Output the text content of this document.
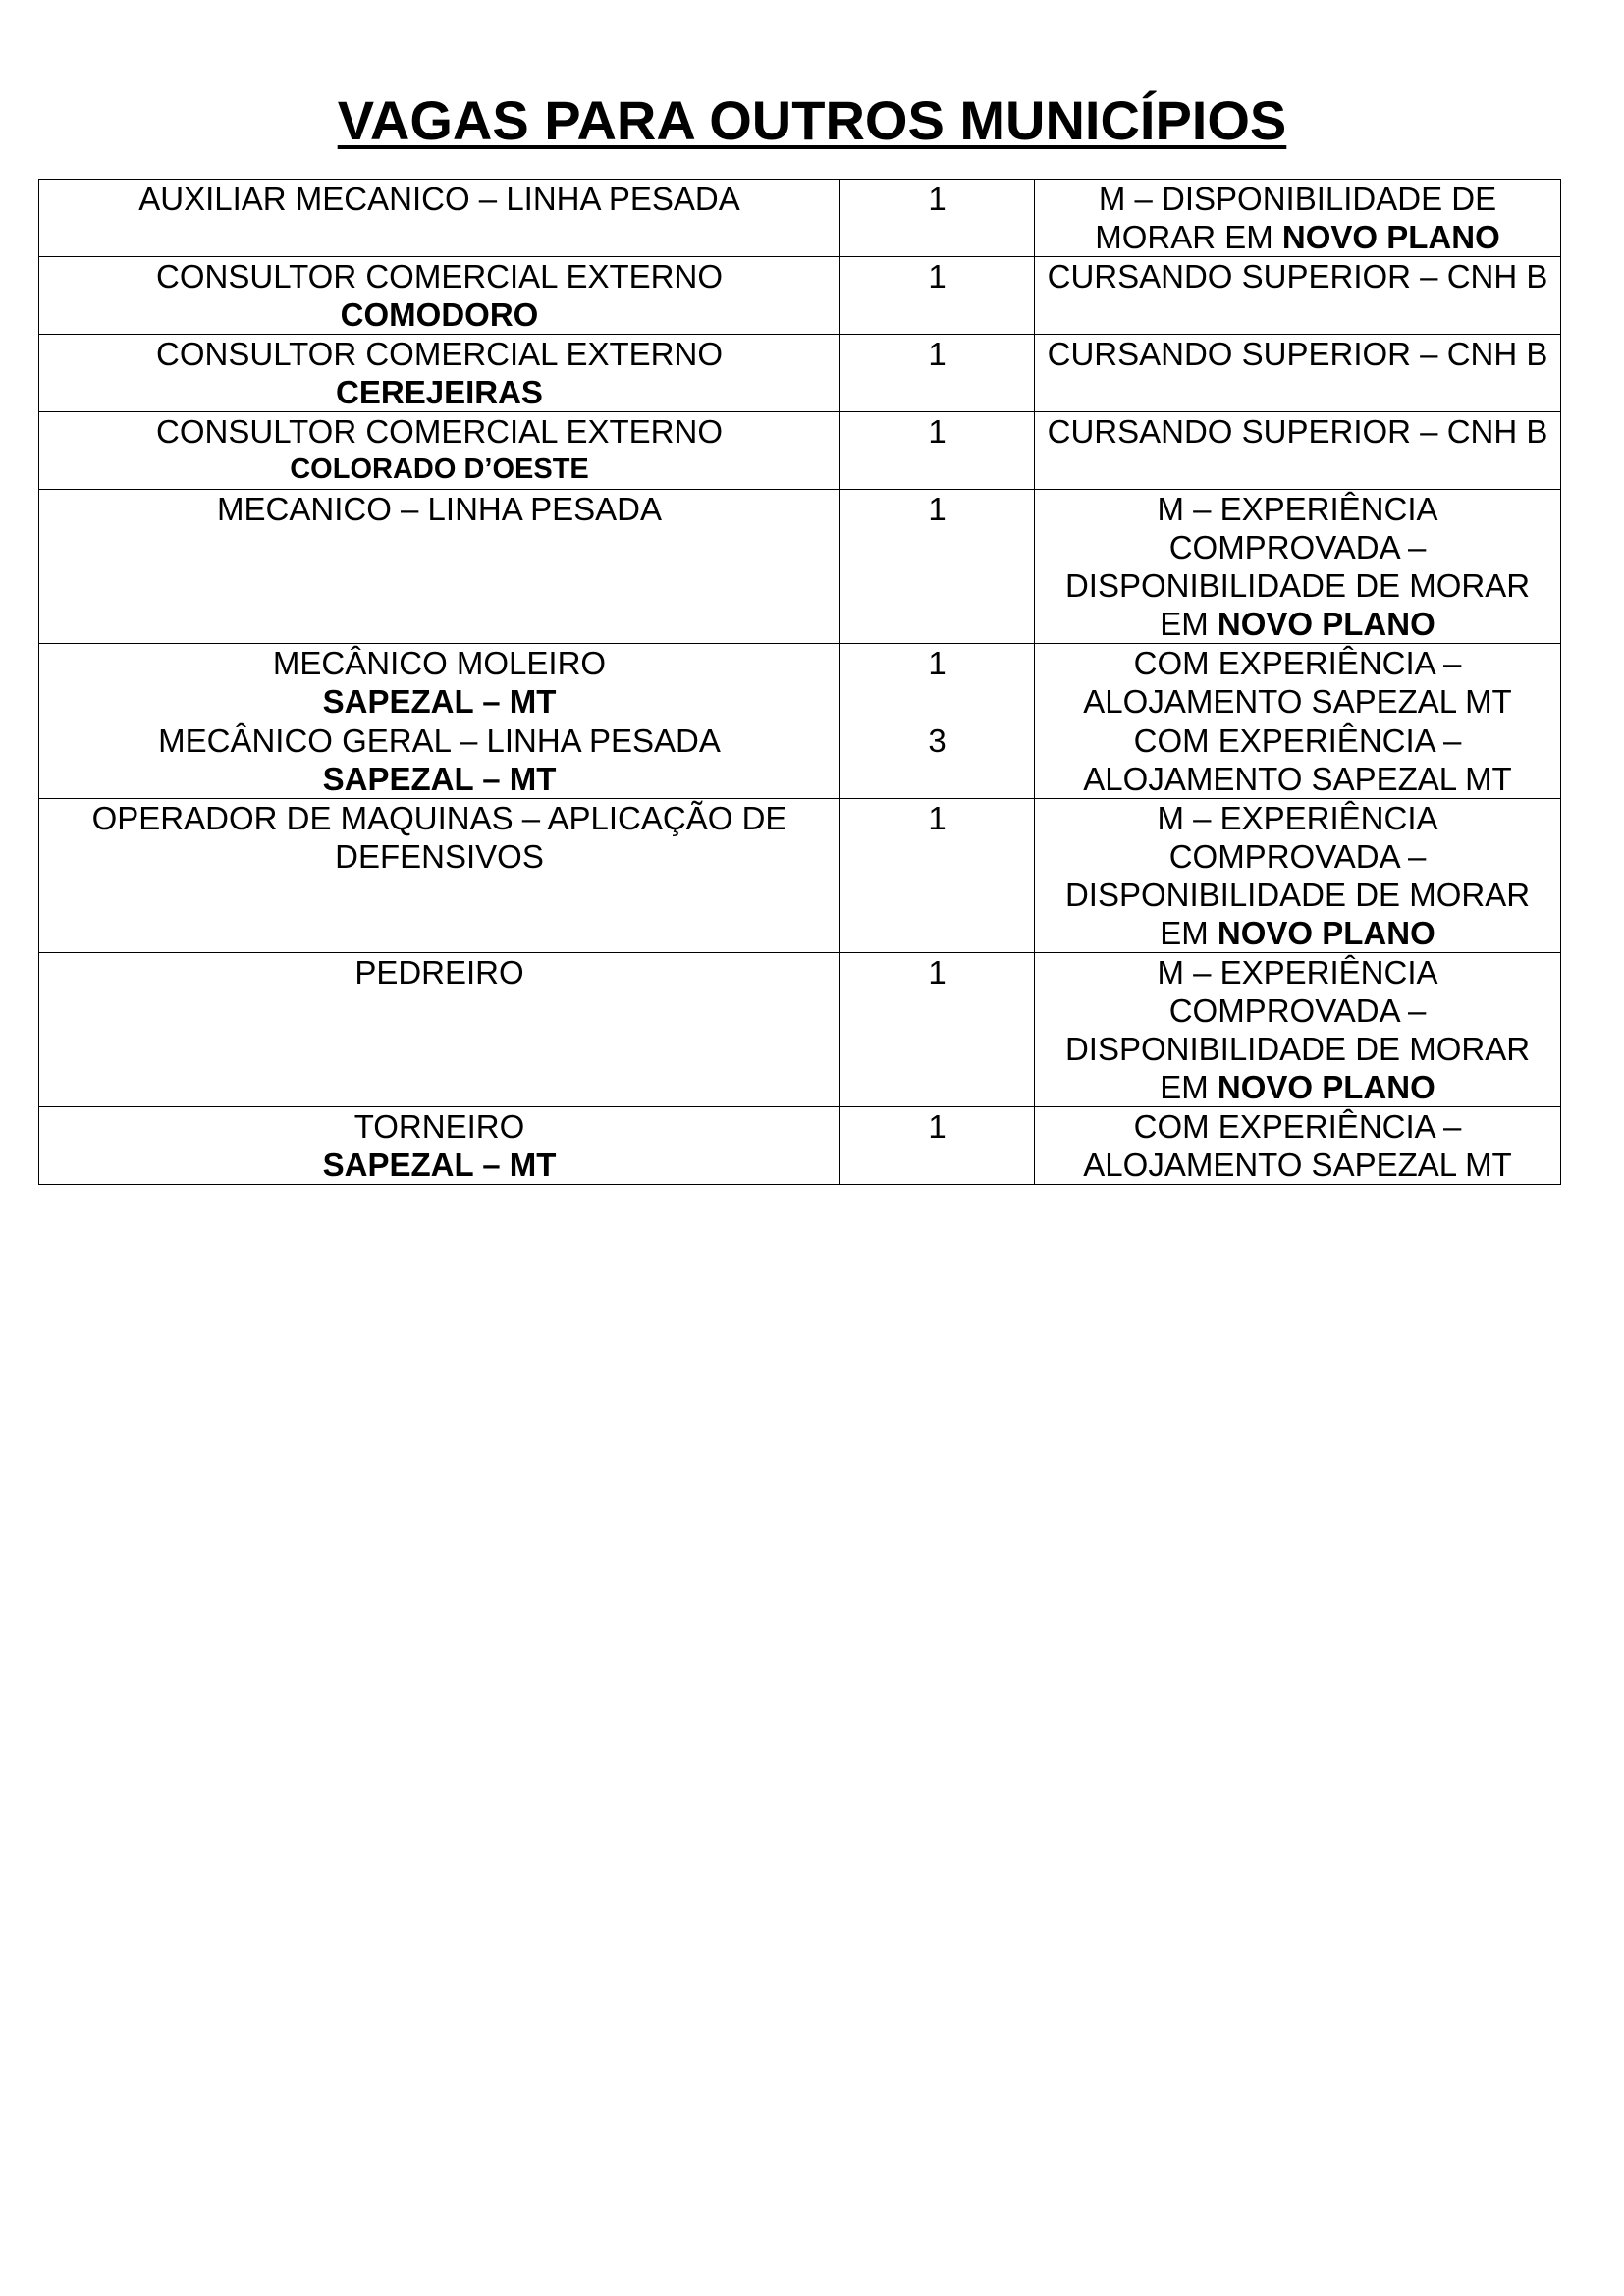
VAGAS PARA OUTROS MUNICÍPIOS
AUXILIAR MECANICO – LINHA PESADA	1	M – DISPONIBILIDADE DE MORAR EM NOVO PLANO

CONSULTOR COMERCIAL EXTERNO
COMODORO	1	CURSANDO SUPERIOR – CNH B

CONSULTOR COMERCIAL EXTERNO
CEREJEIRAS	1	CURSANDO SUPERIOR – CNH B

CONSULTOR COMERCIAL EXTERNO
COLORADO D’OESTE	1	CURSANDO SUPERIOR – CNH B

MECANICO – LINHA PESADA	1	M – EXPERIÊNCIA COMPROVADA – DISPONIBILIDADE DE MORAR EM NOVO PLANO

MECÂNICO MOLEIRO
SAPEZAL – MT	1	COM EXPERIÊNCIA – ALOJAMENTO SAPEZAL MT

MECÂNICO GERAL – LINHA PESADA
SAPEZAL – MT	3	COM EXPERIÊNCIA – ALOJAMENTO SAPEZAL MT

OPERADOR DE MAQUINAS – APLICAÇÃO DE DEFENSIVOS	1	M – EXPERIÊNCIA COMPROVADA – DISPONIBILIDADE DE MORAR EM NOVO PLANO

PEDREIRO	1	M – EXPERIÊNCIA COMPROVADA – DISPONIBILIDADE DE MORAR EM NOVO PLANO

TORNEIRO
SAPEZAL – MT	1	COM EXPERIÊNCIA – ALOJAMENTO SAPEZAL MT
